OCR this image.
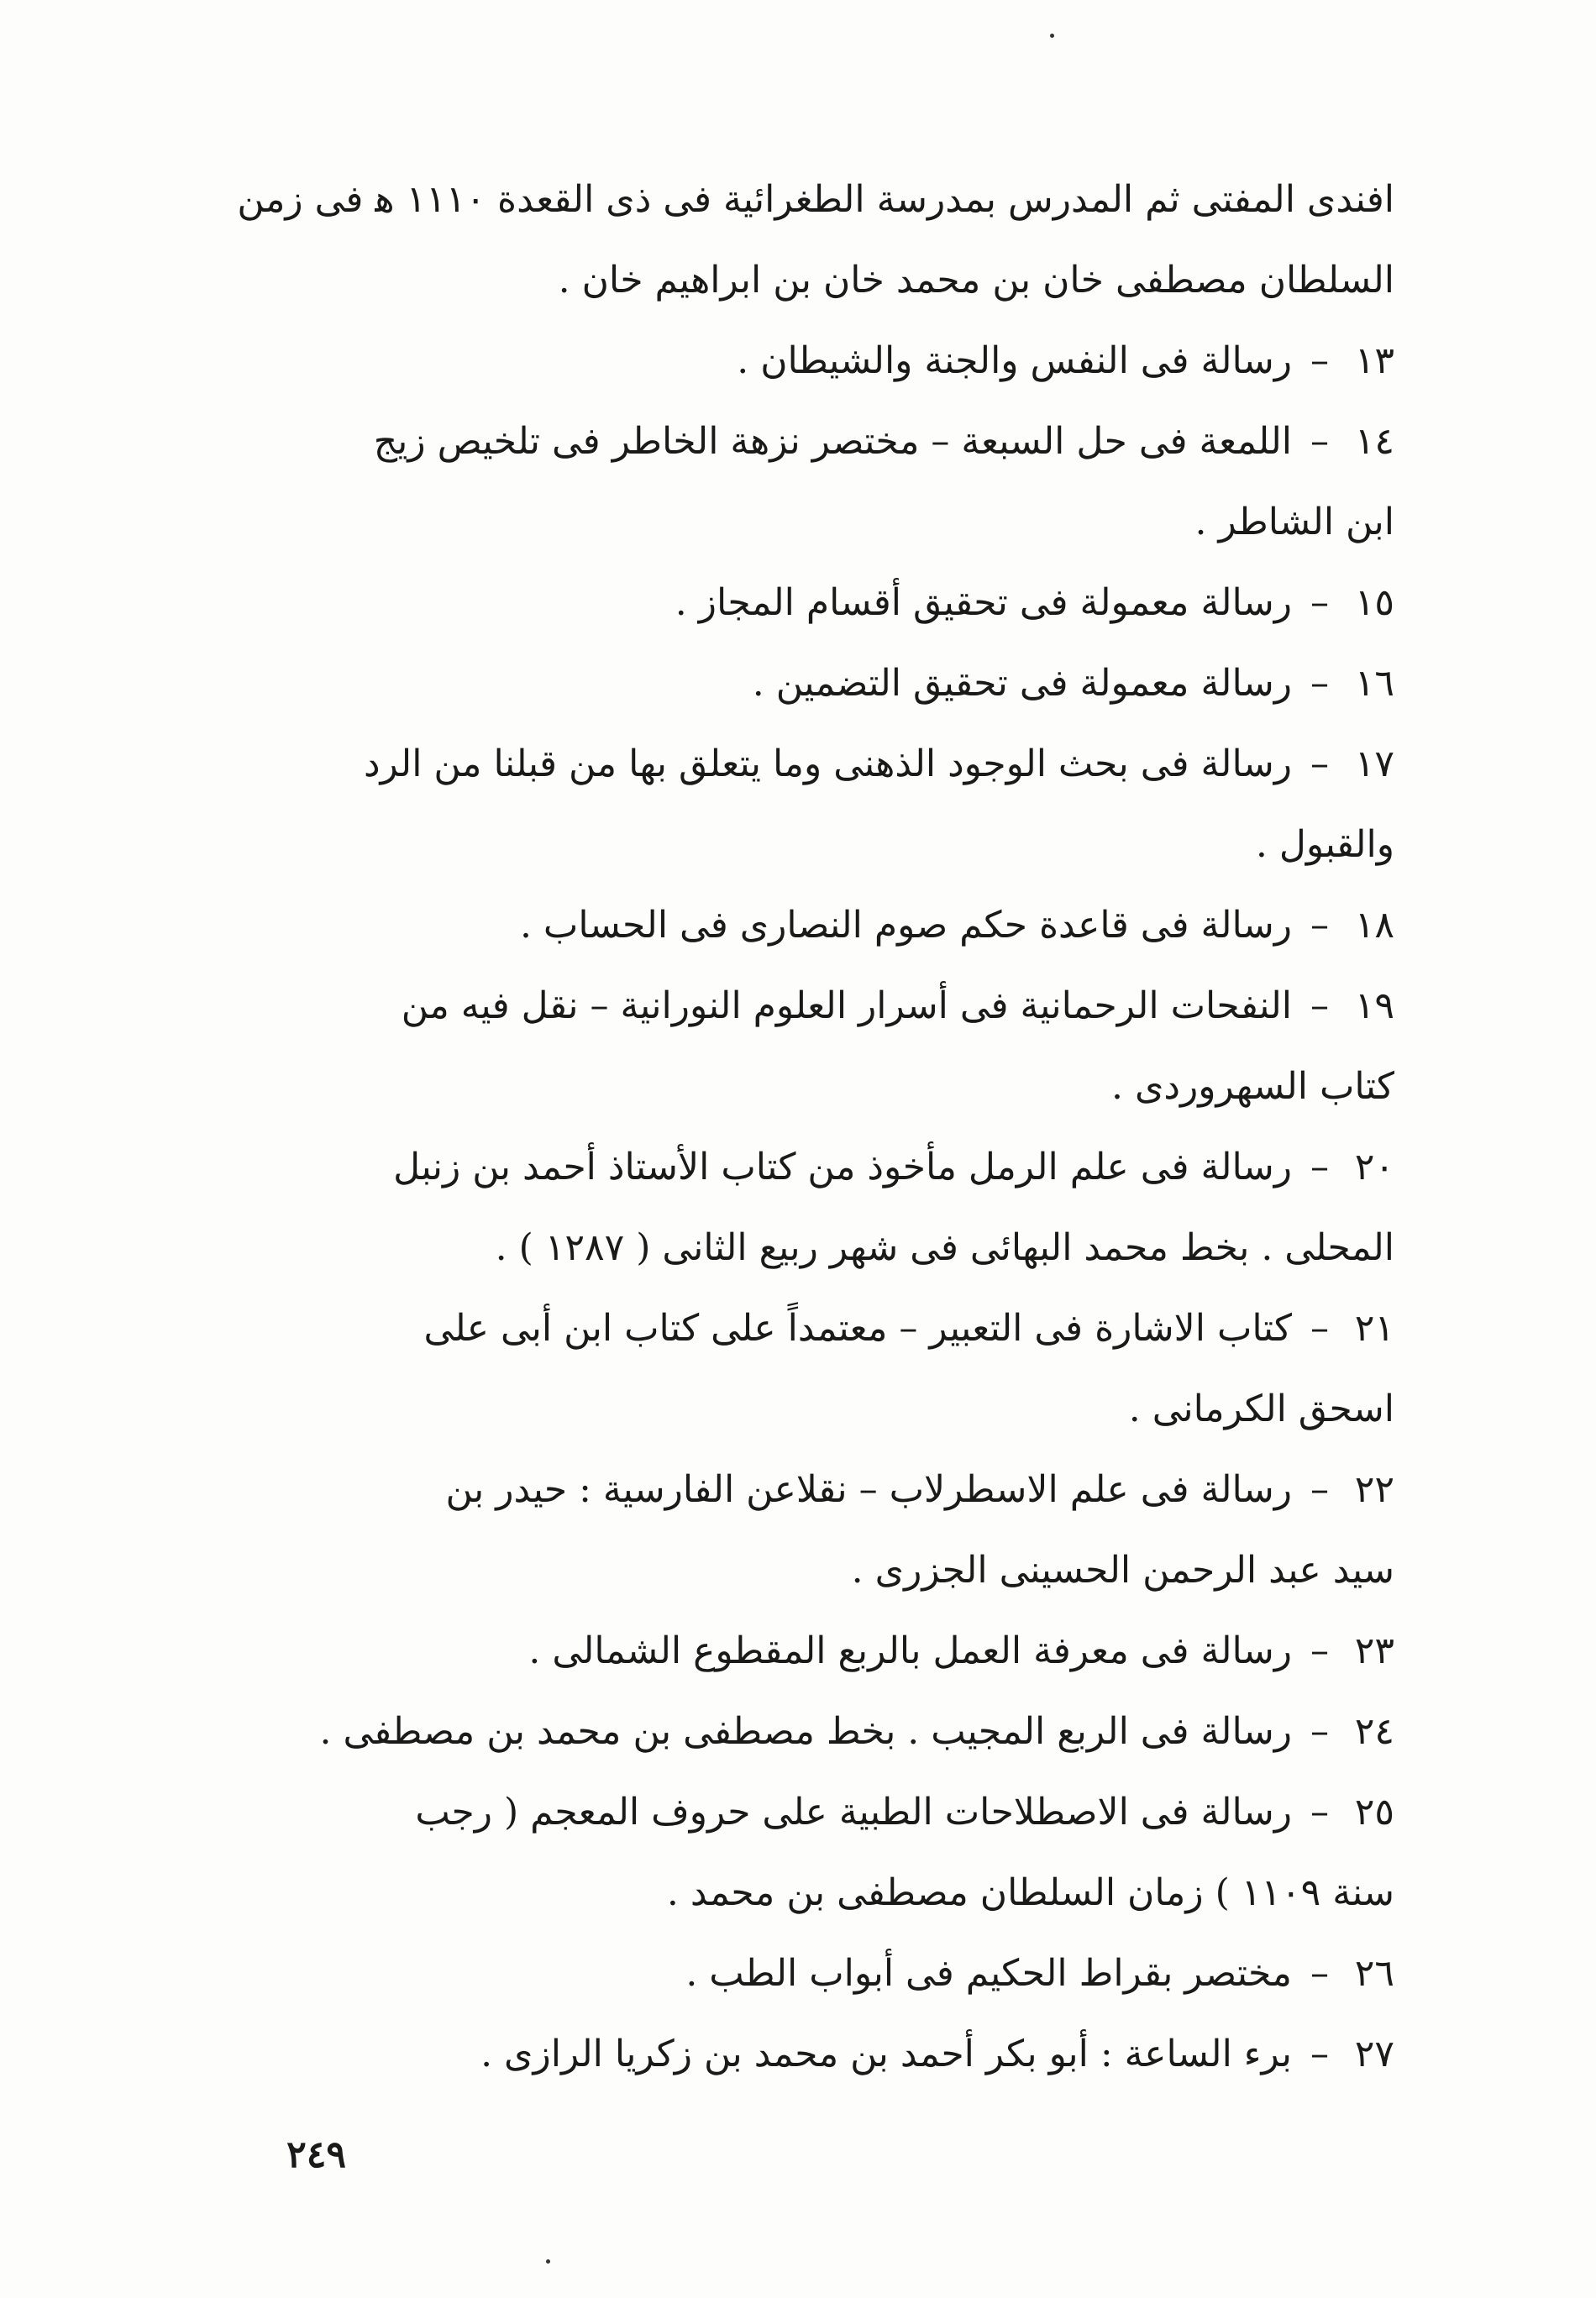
افندى المفتى ثم المدرس بمدرسة الطغرائية فى ذى القعدة ١١١٠ ﻫ فى زمن

السلطان مصطفى خان بن محمد خان بن ابراهيم خان .

١٣–رسالة فى النفس والجنة والشيطان .

١٤–اللمعة فى حل السبعة – مختصر نزهة الخاطر فى تلخيص زيج

ابن الشاطر .

١٥–رسالة معمولة فى تحقيق أقسام المجاز .

١٦–رسالة معمولة فى تحقيق التضمين .

١٧–رسالة فى بحث الوجود الذهنى وما يتعلق بها من قبلنا من الرد

والقبول .

١٨–رسالة فى قاعدة حكم صوم النصارى فى الحساب .

١٩–النفحات الرحمانية فى أسرار العلوم النورانية – نقل فيه من

كتاب السهروردى .

٢٠–رسالة فى علم الرمل مأخوذ من كتاب الأستاذ أحمد بن زنبل

المحلى . بخط محمد البهائى فى شهر ربيع الثانى ( ١٢٨٧ ) .

٢١–كتاب الاشارة فى التعبير – معتمداً على كتاب ابن أبى على

اسحق الكرمانى .

٢٢–رسالة فى علم الاسطرلاب – نقلاعن الفارسية : حيدر بن

سيد عبد الرحمن الحسينى الجزرى .

٢٣–رسالة فى معرفة العمل بالربع المقطوع الشمالى .

٢٤–رسالة فى الربع المجيب . بخط مصطفى بن محمد بن مصطفى .

٢٥–رسالة فى الاصطلاحات الطبية على حروف المعجم ( رجب

سنة ١١٠٩ ) زمان السلطان مصطفى بن محمد .

٢٦–مختصر بقراط الحكيم فى أبواب الطب .

٢٧–برء الساعة : أبو بكر أحمد بن محمد بن زكريا الرازى .

٢٤٩
